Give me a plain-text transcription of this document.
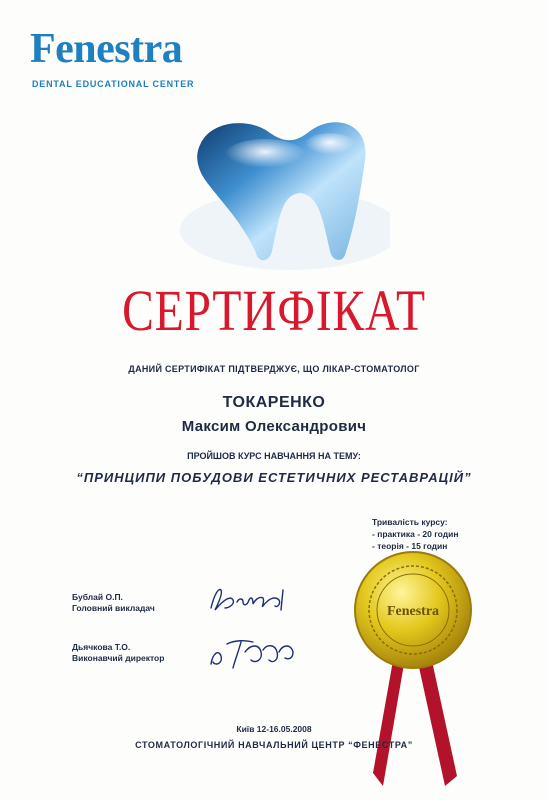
Fenestra
DENTAL EDUCATIONAL CENTER
СЕРТИФІКАТ
ДАНИЙ СЕРТИФІКАТ ПІДТВЕРДЖУЄ, ЩО ЛІКАР-СТОМАТОЛОГ
ТОКАРЕНКО
Максим Олександрович
ПРОЙШОВ КУРС НАВЧАННЯ НА ТЕМУ:
“ПРИНЦИПИ ПОБУДОВИ ЕСТЕТИЧНИХ РЕСТАВРАЦІЙ”
Тривалість курсу:
- практика - 20 годин
- теорія - 15 годин
Бублай О.П.
Головний викладач
Дьячкова Т.О.
Виконавчий директор
Fenestra
Київ 12-16.05.2008
СТОМАТОЛОГІЧНИЙ НАВЧАЛЬНИЙ ЦЕНТР “ФЕНЕСТРА”
